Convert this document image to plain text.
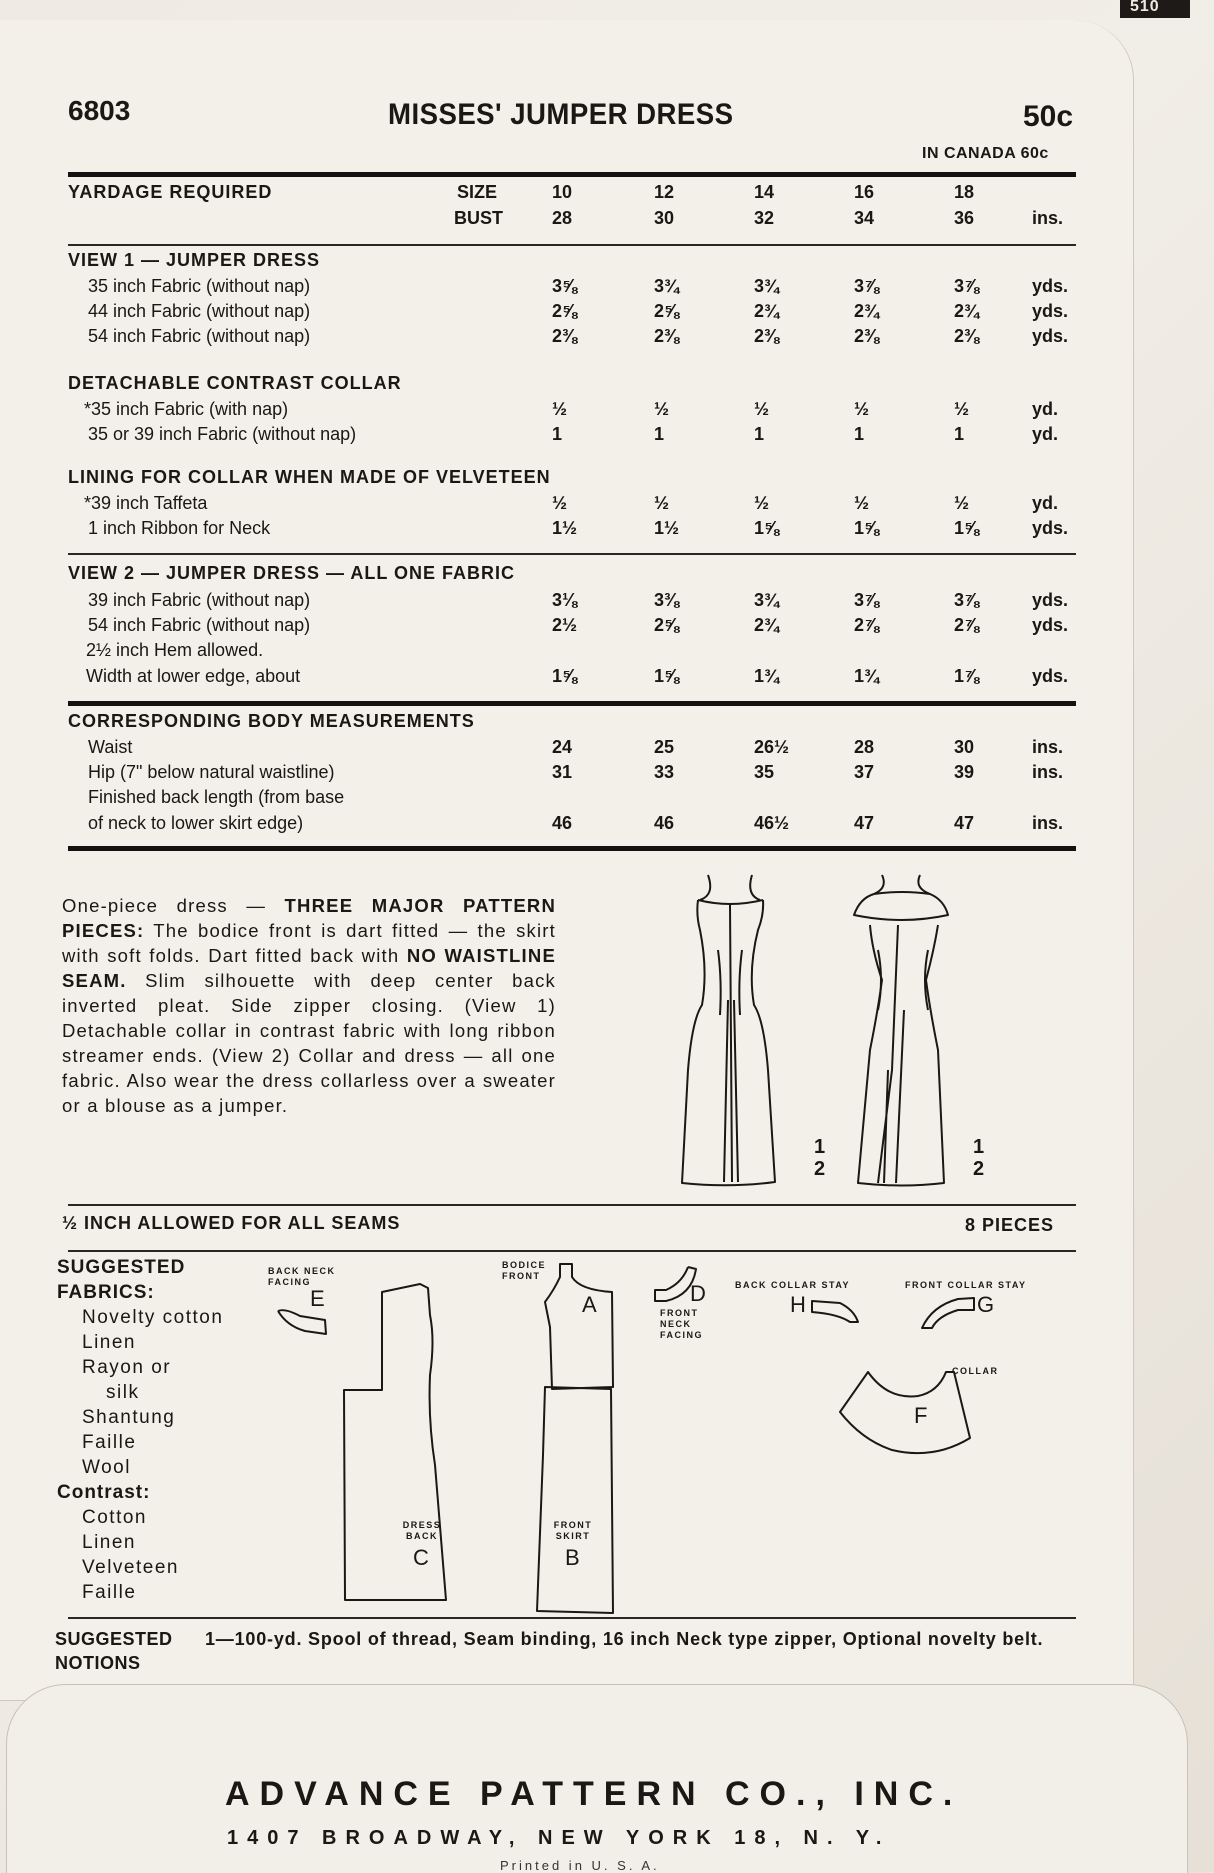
510
6803	MISSES' JUMPER DRESS	50c
IN CANADA 60c
YARDAGE REQUIRED	SIZE	10	12	14	16	18
BUST	28	30	32	34	36	ins.
VIEW 1 — JUMPER DRESS
35 inch Fabric (without nap)	3⅝	3¾	3¾	3⅞	3⅞	yds.
44 inch Fabric (without nap)	2⅝	2⅝	2¾	2¾	2¾	yds.
54 inch Fabric (without nap)	2⅜	2⅜	2⅜	2⅜	2⅜	yds.
DETACHABLE CONTRAST COLLAR
*35 inch Fabric (with nap)	½	½	½	½	½	yd.
35 or 39 inch Fabric (without nap)	1	1	1	1	1	yd.
LINING FOR COLLAR WHEN MADE OF VELVETEEN
*39 inch Taffeta	½	½	½	½	½	yd.
1 inch Ribbon for Neck	1½	1½	1⅝	1⅝	1⅝	yds.
VIEW 2 — JUMPER DRESS — ALL ONE FABRIC
39 inch Fabric (without nap)	3⅛	3⅜	3¾	3⅞	3⅞	yds.
54 inch Fabric (without nap)	2½	2⅝	2¾	2⅞	2⅞	yds.
2½ inch Hem allowed.
Width at lower edge, about	1⅝	1⅝	1¾	1¾	1⅞	yds.
CORRESPONDING BODY MEASUREMENTS
Waist	24	25	26½	28	30	ins.
Hip (7" below natural waistline)	31	33	35	37	39	ins.
Finished back length (from base
of neck to lower skirt edge)	46	46	46½	47	47	ins.
One-piece dress — THREE MAJOR PATTERN PIECES: The bodice front is dart fitted — the skirt with soft folds. Dart fitted back with NO WAISTLINE SEAM. Slim silhouette with deep center back inverted pleat. Side zipper closing. (View 1) Detachable collar in contrast fabric with long ribbon streamer ends. (View 2) Collar and dress — all one fabric. Also wear the dress collarless over a sweater or a blouse as a jumper.
1
2
1
2
½ INCH ALLOWED FOR ALL SEAMS	8 PIECES
SUGGESTED
FABRICS:
Novelty cotton
Linen
Rayon or
silk
Shantung
Faille
Wool
Contrast:
Cotton
Linen
Velveteen
Faille
BACK NECK FACING
E
DRESS BACK
C
BODICE FRONT
A
FRONT SKIRT
B
D
FRONT NECK FACING
BACK COLLAR STAY
H
FRONT COLLAR STAY
G
COLLAR
F
SUGGESTED
NOTIONS
1—100-yd. Spool of thread, Seam binding, 16 inch Neck type zipper, Optional novelty belt.
ADVANCE PATTERN CO., INC.
1407 BROADWAY, NEW YORK 18, N. Y.
Printed in U. S. A.
